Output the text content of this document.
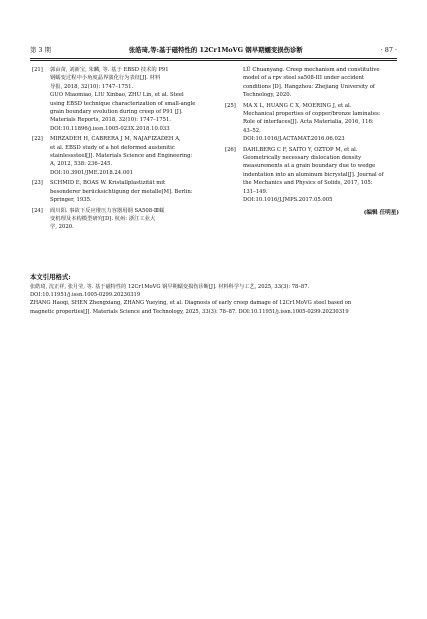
第 3 期	张皓琦,等:基于磁特性的 12Cr1MoVG 钢早期蠕变损伤诊断	· 87 ·
[21]	郭亩苗, 刘新宝, 朱麟, 等. 基于 EBSD 技术的 P91
钢蠕变过程中小角度晶界演化行为表征[J]. 材料
导报, 2018, 32(10): 1747–1751.
GUO Miaomiao, LIU Xinbao, ZHU Lin, et al. Steel
using EBSD technique characterization of small-angle
grain boundary evolution during creep of P91 [J].
Materials Reports, 2018, 32(10): 1747–1751.
DOI:10.11896/j.issn.1005-023X.2018.10.033
[22]	MIRZADEH H, CABRERA J M, NAJAFIZADEH A,
et al. EBSD study of a hot deformed austenitic
stainlesssteel[J]. Materials Science and Engineering:
A, 2012, 538: 236–245.
DOI:10.3901/JME.2018.24.001
[23]	SCHMID E, BOAS W. Kristallplastizität mit
besonderer berücksichtigung der metalle[M]. Berlin:
Springer, 1935.
[24]	阎川阳. 事故下反应堆压力容器用钢 SA508-Ⅲ蠕
变机理及本构模型研究[D]. 杭州: 浙江工业大
学, 2020.
LÜ Chuanyang. Creep mechanism and constitutive
model of a rpv steel sa508-III under accident
conditions [D]. Hangzhou: Zhejiang University of
Technology, 2020.
[25]	MA X L, HUANG C X, MOERING J, et al.
Mechanical properties of copper/bronze laminates:
Role of interfaces[J]. Acta Materialia, 2016, 116:
43–52.
DOI:10.1016/J.ACTAMAT.2016.06.023
[26]	DAHLBERG C F, SAITO Y, OZTOP M, et al.
Geometrically necessary dislocation density
measurements at a grain boundary due to wedge
indentation into an aluminum bicrystal[J]. Journal of
the Mechanics and Physics of Solids, 2017, 105:
131–149.
DOI:10.1016/J.JMPS.2017.05.005
(编辑 任明星)
本文引用格式:
张皓琦, 沈正祥, 张月莹, 等. 基于磁特性的 12Cr1MoVG 钢早期蠕变损伤诊断[J]. 材料科学与工艺, 2025, 33(3): 78–87.
DOI:10.11951/j.issn.1005-0299.20230319
ZHANG Haoqi, SHEN Zhengxiang, ZHANG Yueying, et al. Diagnosis of early creep damage of 12Cr1MoVG steel based on
magnetic properties[J]. Materials Science and Technology, 2025, 33(3): 78–87. DOI:10.11951/j.issn.1005-0299.20230319
